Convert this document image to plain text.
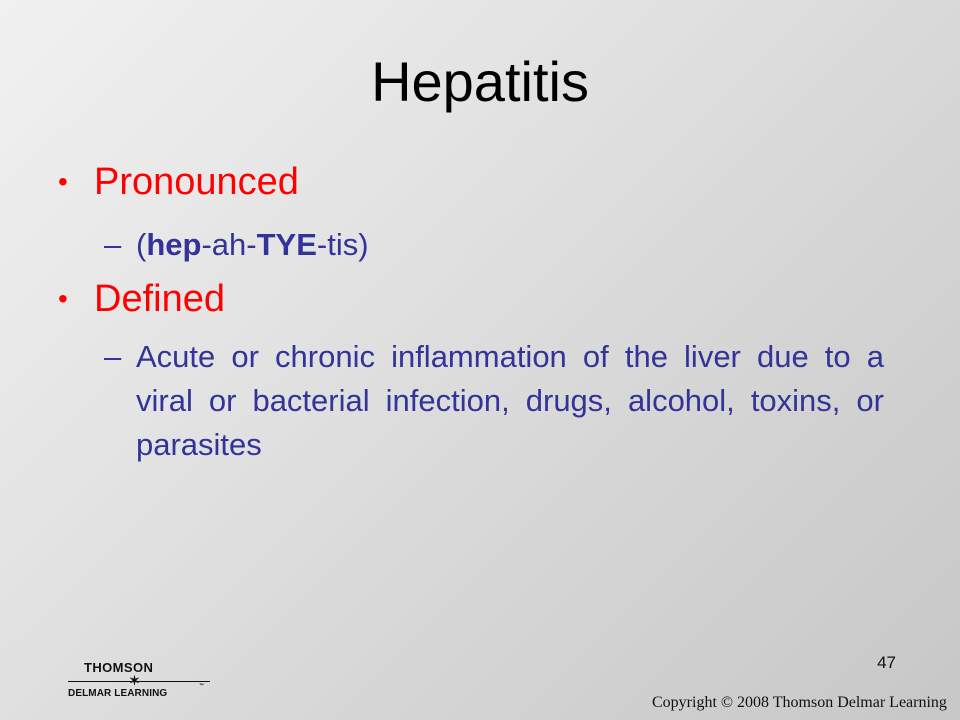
Hepatitis
• Pronounced
– (hep-ah-TYE-tis)
• Defined
– Acute or chronic inflammation of the liver due to a viral or bacterial infection, drugs, alcohol, toxins, or parasites
47
THOMSON
✶
DELMAR LEARNING
™
Copyright © 2008 Thomson Delmar Learning
